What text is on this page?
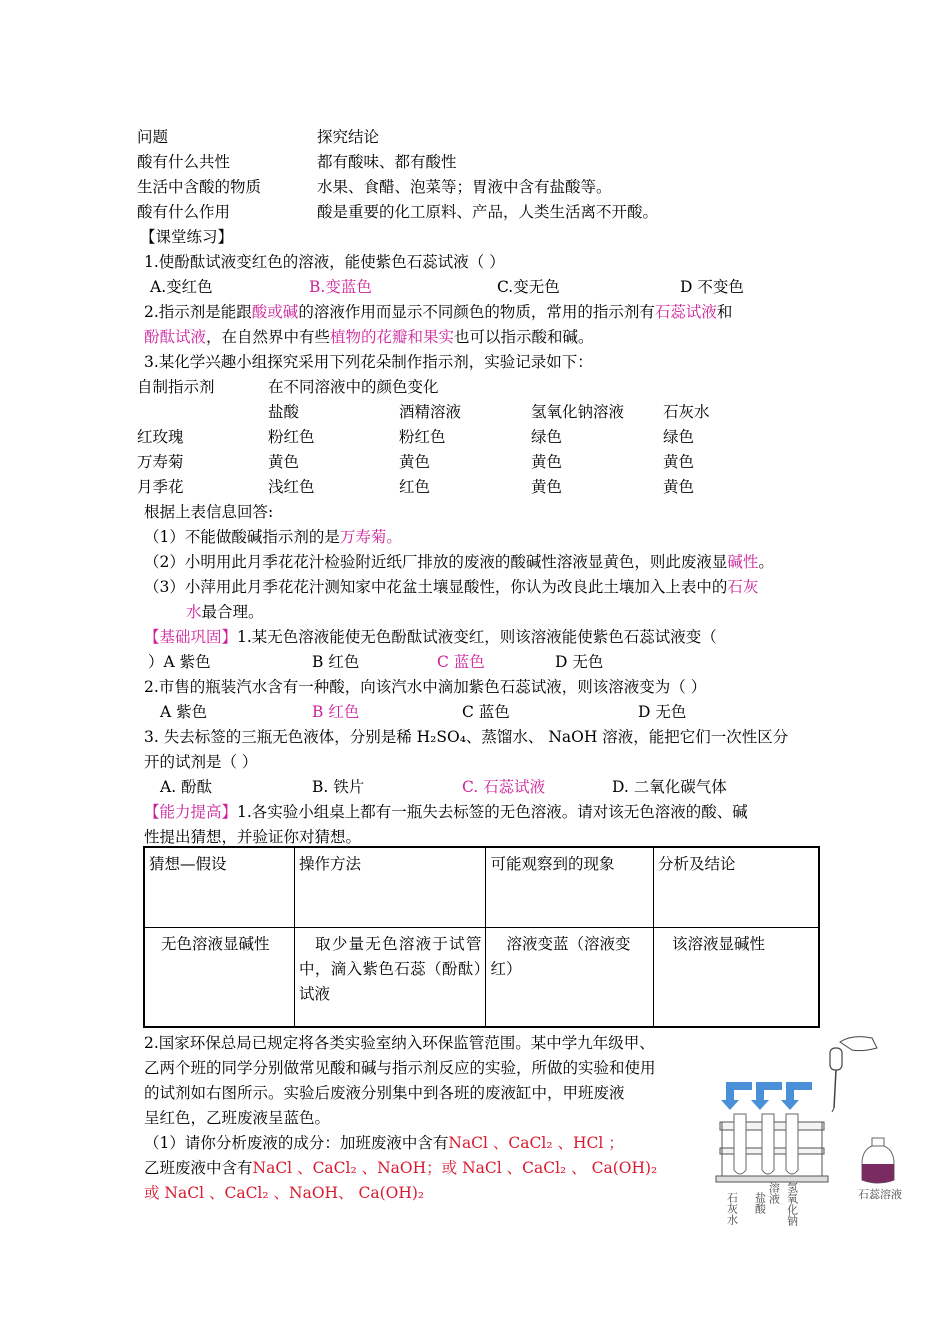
问题	探究结论
酸有什么共性	都有酸味、都有酸性
生活中含酸的物质	水果、食醋、泡菜等；胃液中含有盐酸等。
酸有什么作用	酸是重要的化工原料、产品，人类生活离不开酸。
【课堂练习】
1.使酚酞试液变红色的溶液，能使紫色石蕊试液（ ）
A.变红色	B.变蓝色	C.变无色	D 不变色
2.指示剂是能跟酸或碱的溶液作用而显示不同颜色的物质，常用的指示剂有石蕊试液和
酚酞试液，在自然界中有些植物的花瓣和果实也可以指示酸和碱。
3.某化学兴趣小组探究采用下列花朵制作指示剂，实验记录如下：
自制指示剂	在不同溶液中的颜色变化
盐酸	酒精溶液	氢氧化钠溶液	石灰水
红玫瑰	粉红色	粉红色	绿色	绿色
万寿菊	黄色	黄色	黄色	黄色
月季花	浅红色	红色	黄色	黄色
根据上表信息回答:
（1）不能做酸碱指示剂的是万寿菊。
（2）小明用此月季花花汁检验附近纸厂排放的废液的酸碱性溶液显黄色，则此废液显碱性。
（3）小萍用此月季花花汁测知家中花盆土壤显酸性，你认为改良此土壤加入上表中的石灰
水最合理。
【基础巩固】1.某无色溶液能使无色酚酞试液变红，则该溶液能使紫色石蕊试液变（
）A 紫色	B 红色	C 蓝色	D 无色
2.市售的瓶装汽水含有一种酸，向该汽水中滴加紫色石蕊试液，则该溶液变为（ ）
A 紫色	B 红色	C 蓝色	D 无色
3. 失去标签的三瓶无色液体，分别是稀 H₂SO₄、蒸馏水、 NaOH 溶液，能把它们一次性区分
开的试剂是（ ）
A. 酚酞	B. 铁片	C. 石蕊试液	D. 二氧化碳气体
【能力提高】1.各实验小组桌上都有一瓶失去标签的无色溶液。请对该无色溶液的酸、碱
性提出猜想，并验证你对猜想。
猜想—假设	操作方法	可能观察到的现象	分析及结论
无色溶液显碱性	取少量无色溶液于试管中，滴入紫色石蕊（酚酞）试液	溶液变蓝（溶液变红）	该溶液显碱性
2.国家环保总局已规定将各类实验室纳入环保监管范围。某中学九年级甲、
乙两个班的同学分别做常见酸和碱与指示剂反应的实验，所做的实验和使用
的试剂如右图所示。实验后废液分别集中到各班的废液缸中，甲班废液
呈红色，乙班废液呈蓝色。
（1）请你分析废液的成分：加班废液中含有NaCl 、CaCl₂ 、HCl ；
乙班废液中含有NaCl 、CaCl₂ 、NaOH；或 NaCl 、CaCl₂ 、 Ca(OH)₂
或 NaCl 、CaCl₂ 、NaOH、 Ca(OH)₂	石灰水 盐酸 溶液 氢氧化钠	石蕊溶液
